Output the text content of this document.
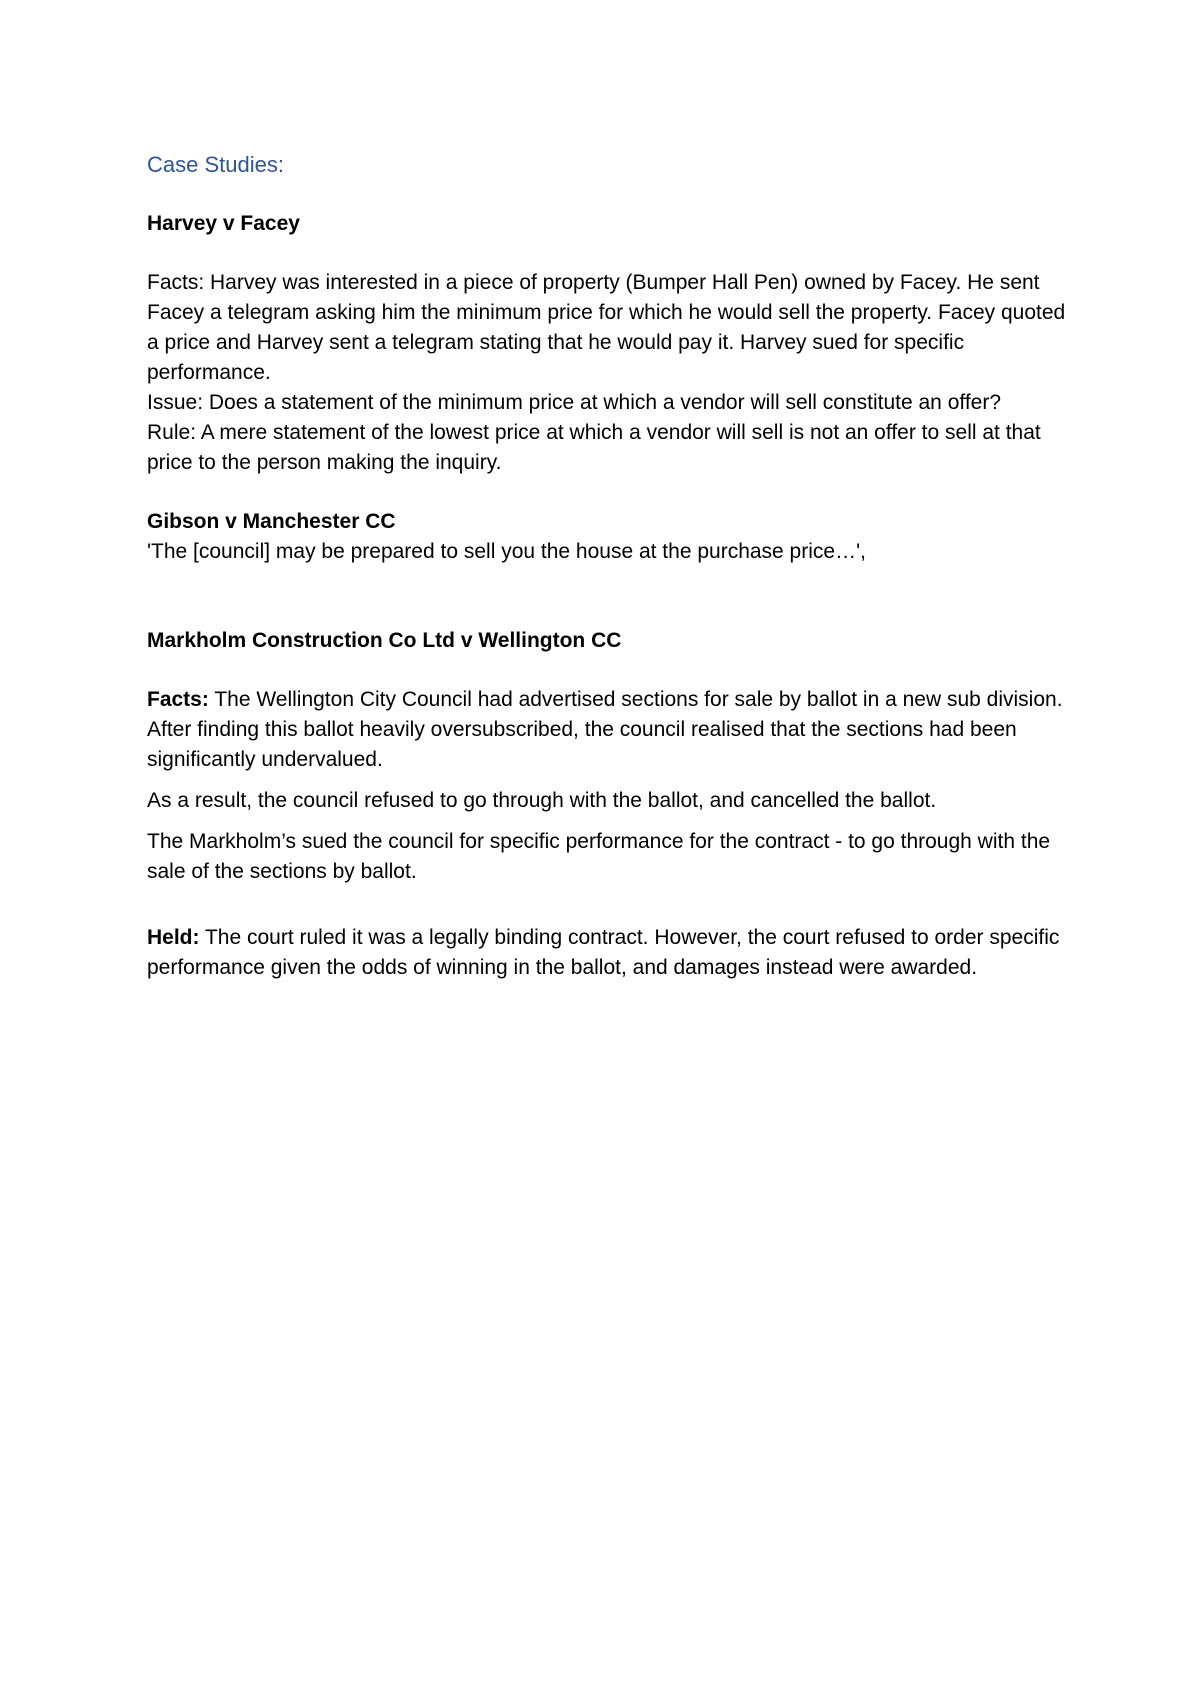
Case Studies:
Harvey v Facey

Facts: Harvey was interested in a piece of property (Bumper Hall Pen) owned by Facey. He sent Facey a telegram asking him the minimum price for which he would sell the property. Facey quoted a price and Harvey sent a telegram stating that he would pay it. Harvey sued for specific performance.

Issue: Does a statement of the minimum price at which a vendor will sell constitute an offer?

Rule: A mere statement of the lowest price at which a vendor will sell is not an offer to sell at that price to the person making the inquiry.

Gibson v Manchester CC

'The [council] may be prepared to sell you the house at the purchase price…',

Markholm Construction Co Ltd v Wellington CC

Facts: The Wellington City Council had advertised sections for sale by ballot in a new sub division. After finding this ballot heavily oversubscribed, the council realised that the sections had been significantly undervalued.

As a result, the council refused to go through with the ballot, and cancelled the ballot.

The Markholm’s sued the council for specific performance for the contract - to go through with the sale of the sections by ballot.

Held: The court ruled it was a legally binding contract. However, the court refused to order specific performance given the odds of winning in the ballot, and damages instead were awarded.
